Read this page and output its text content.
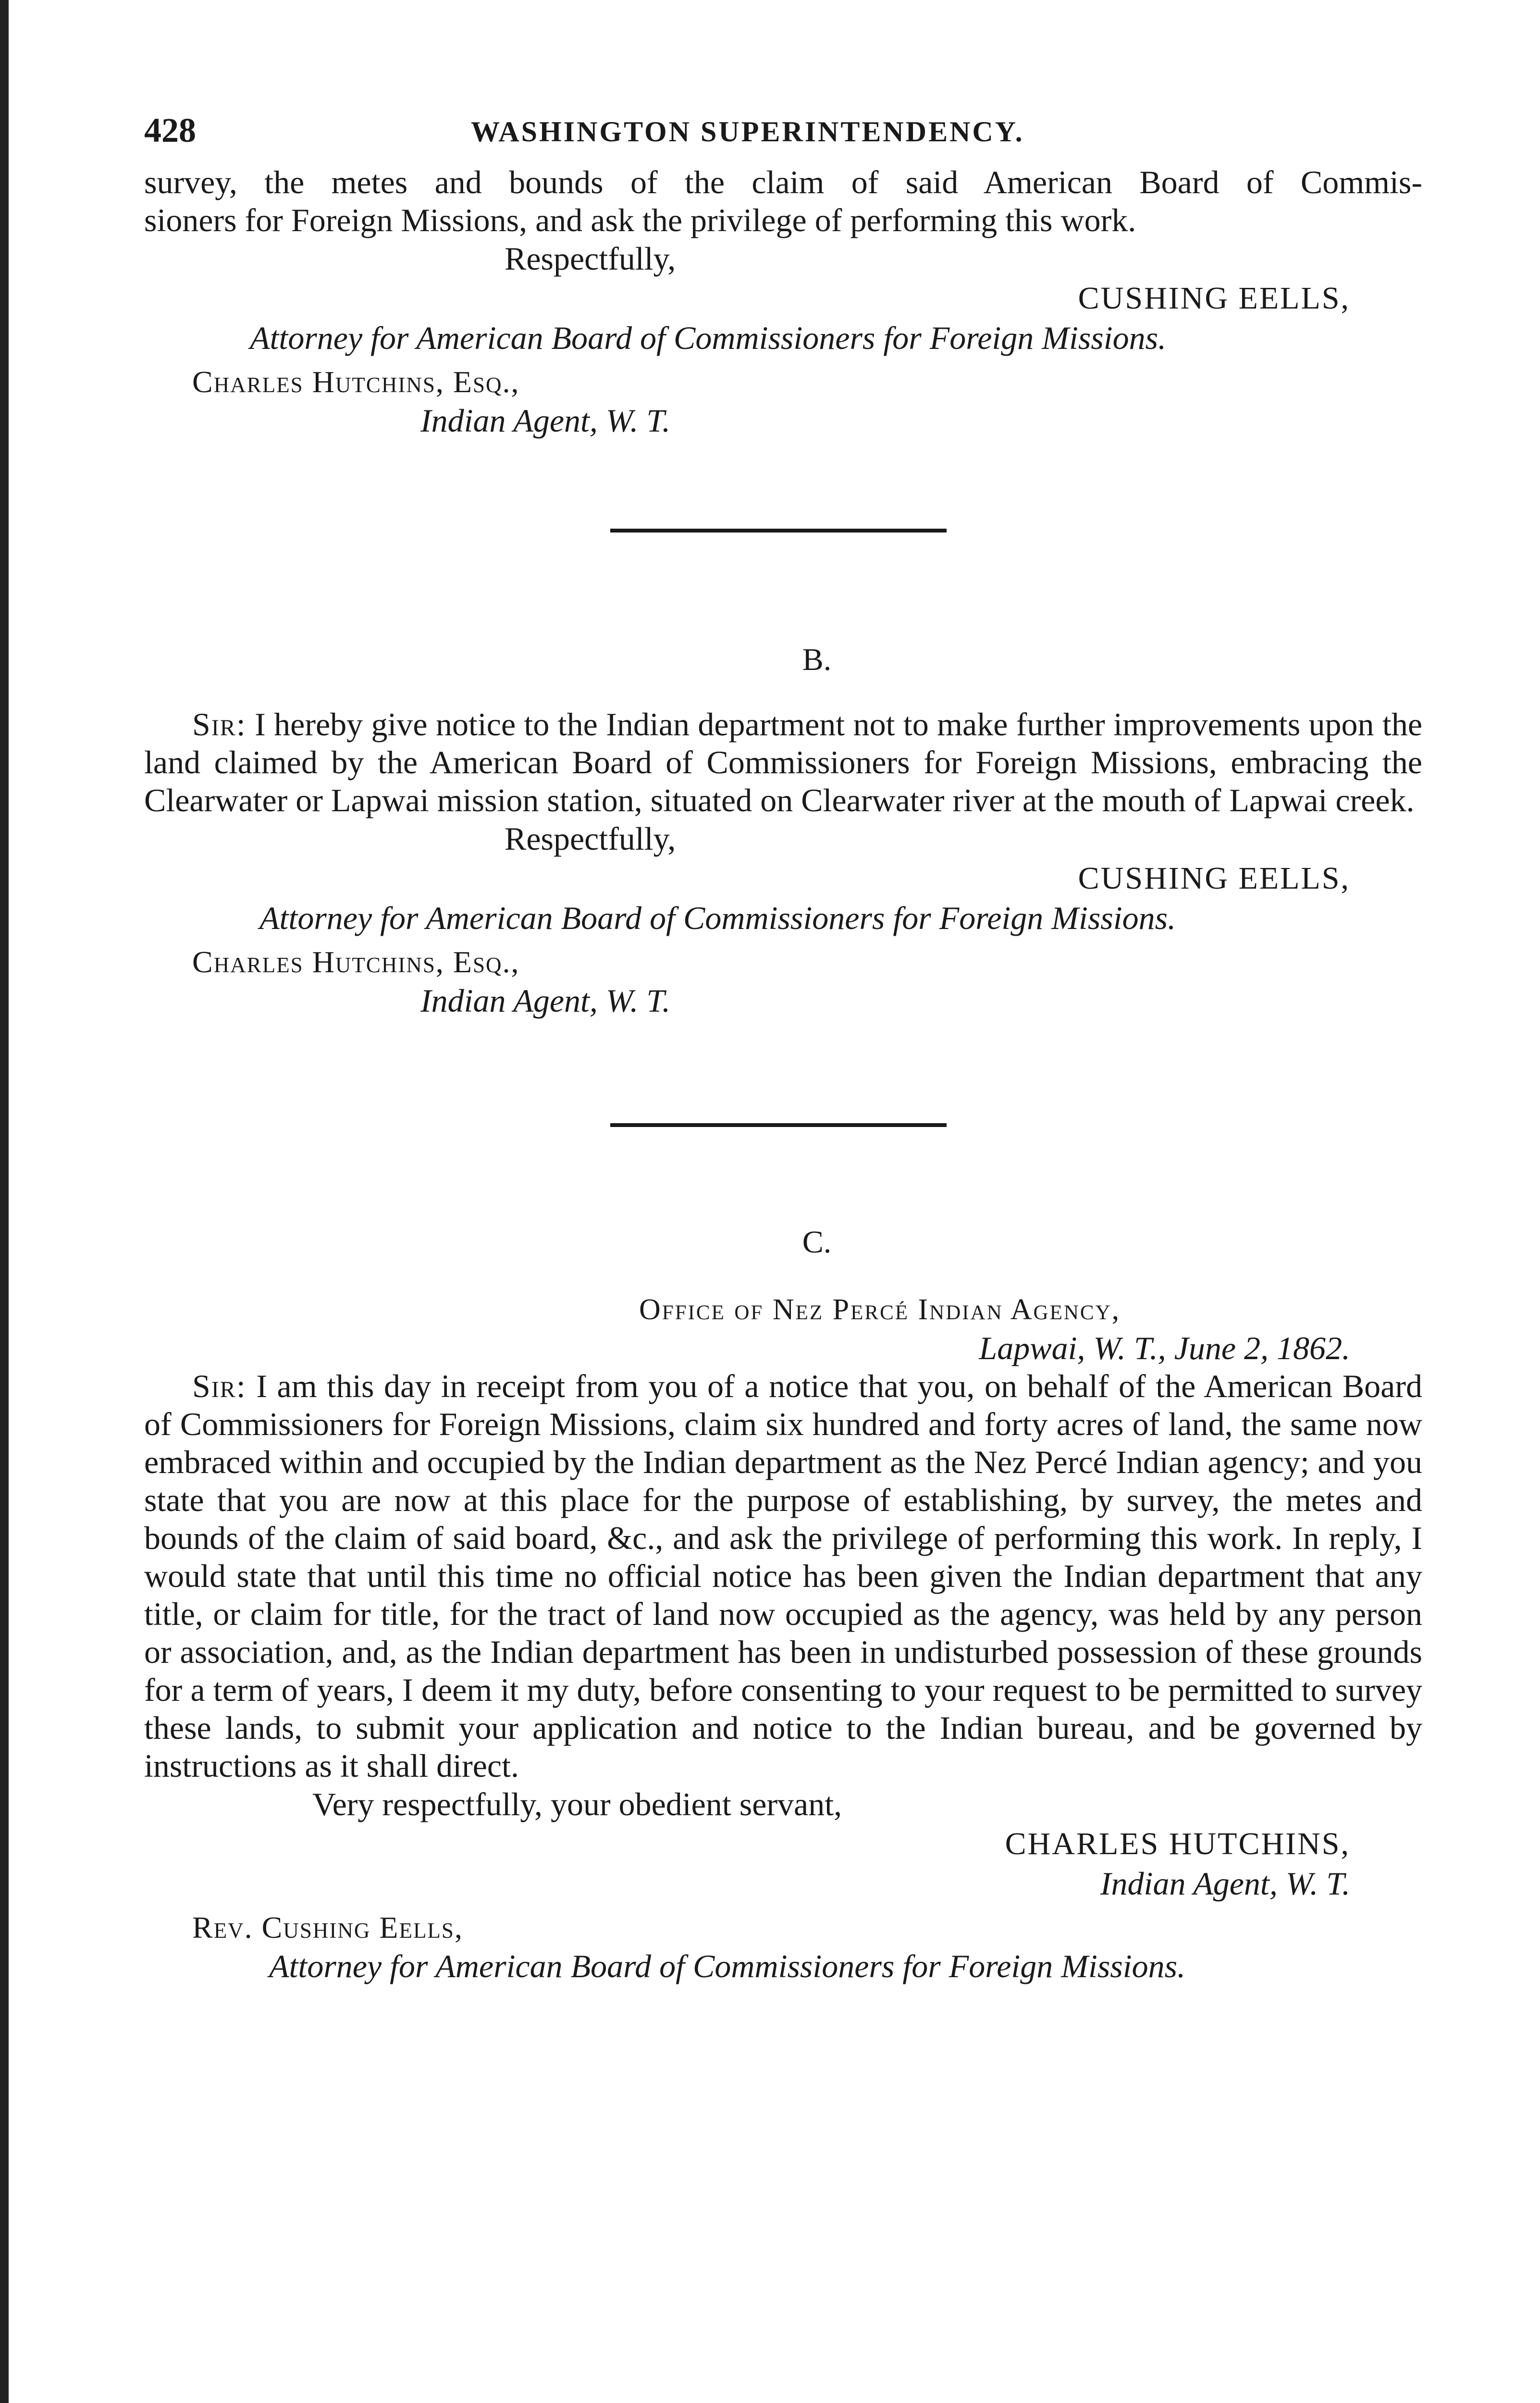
428	WASHINGTON SUPERINTENDENCY.

survey, the metes and bounds of the claim of said American Board of Commis-

sioners for Foreign Missions, and ask the privilege of performing this work.

Respectfully,

CUSHING EELLS,

Attorney for American Board of Commissioners for Foreign Missions.

Charles Hutchins, Esq.,

Indian Agent, W. T.

B.

Sir: I hereby give notice to the Indian department not to make further improvements upon the land claimed by the American Board of Commissioners for Foreign Missions, embracing the Clearwater or Lapwai mission station, situated on Clearwater river at the mouth of Lapwai creek.

Respectfully,

CUSHING EELLS,

Attorney for American Board of Commissioners for Foreign Missions.

Charles Hutchins, Esq.,

Indian Agent, W. T.

C.

Office of Nez Percé Indian Agency,

Lapwai, W. T., June 2, 1862.

Sir: I am this day in receipt from you of a notice that you, on behalf of the American Board of Commissioners for Foreign Missions, claim six hundred and forty acres of land, the same now embraced within and occupied by the Indian department as the Nez Percé Indian agency; and you state that you are now at this place for the purpose of establishing, by survey, the metes and bounds of the claim of said board, &c., and ask the privilege of performing this work. In reply, I would state that until this time no official notice has been given the Indian department that any title, or claim for title, for the tract of land now occupied as the agency, was held by any person or association, and, as the Indian department has been in undisturbed possession of these grounds for a term of years, I deem it my duty, before consenting to your request to be permitted to survey these lands, to submit your application and notice to the Indian bureau, and be governed by instructions as it shall direct.

Very respectfully, your obedient servant,

CHARLES HUTCHINS,

Indian Agent, W. T.

Rev. Cushing Eells,

Attorney for American Board of Commissioners for Foreign Missions.
